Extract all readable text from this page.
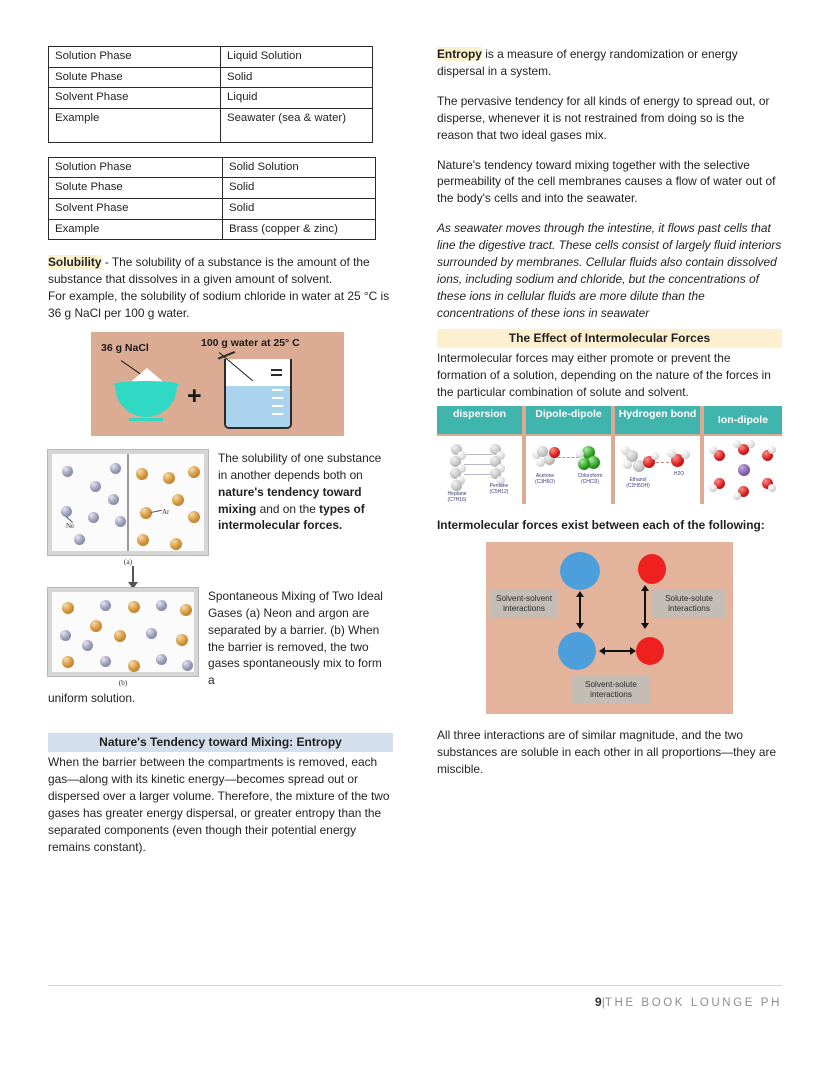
Solution Phase	Liquid Solution
Solute Phase	Solid
Solvent Phase	Liquid
Example	Seawater (sea & water)
Solution Phase	Solid Solution
Solute Phase	Solid
Solvent Phase	Solid
Example	Brass (copper & zinc)

Solubility - The solubility of a substance is the amount of the substance that dissolves in a given amount of solvent.

For example, the solubility of sodium chloride in water at 25 °C is 36 g NaCl per 100 g water.

36 g NaCl
+
100 g water at 25° C
Ne
Ar
(a)
The solubility of one substance in another depends both on nature's tendency toward mixing and on the types of intermolecular forces.
(b)
Spontaneous Mixing of Two Ideal Gases (a) Neon and argon are separated by a barrier. (b) When the barrier is removed, the two gases spontaneously mix to form a

uniform solution.

Nature's Tendency toward Mixing: Entropy

When the barrier between the compartments is removed, each gas—along with its kinetic energy—becomes spread out or dispersed over a larger volume. Therefore, the mixture of the two gases has greater energy dispersal, or greater entropy than the separated components (even though their potential energy remains constant).

Entropy is a measure of energy randomization or energy dispersal in a system.

The pervasive tendency for all kinds of energy to spread out, or disperse, whenever it is not restrained from doing so is the reason that two ideal gases mix.

Nature's tendency toward mixing together with the selective permeability of the cell membranes causes a flow of water out of the body's cells and into the seawater.

As seawater moves through the intestine, it flows past cells that line the digestive tract. These cells consist of largely fluid interiors surrounded by membranes. Cellular fluids also contain dissolved ions, including sodium and chloride, but the concentrations of these ions in cellular fluids are more dilute than the concentrations of these ions in seawater

The Effect of Intermolecular Forces

Intermolecular forces may either promote or prevent the formation of a solution, depending on the nature of the forces in the particular combination of solute and solvent.

dispersion
Heptane (C7H16)
Pentane (C5H12)
Dipole-dipole
Acetone (C3H6O)
Chloroform (CHCl3)
Hydrogen bond
Ethanol (C2H5OH)
H2O
Ion-dipole

Intermolecular forces exist between each of the following:

Solvent-solvent interactions
Solute-solute interactions
Solvent-solute interactions

All three interactions are of similar magnitude, and the two substances are soluble in each other in all proportions—they are miscible.

9|THE BOOK LOUNGE PH
